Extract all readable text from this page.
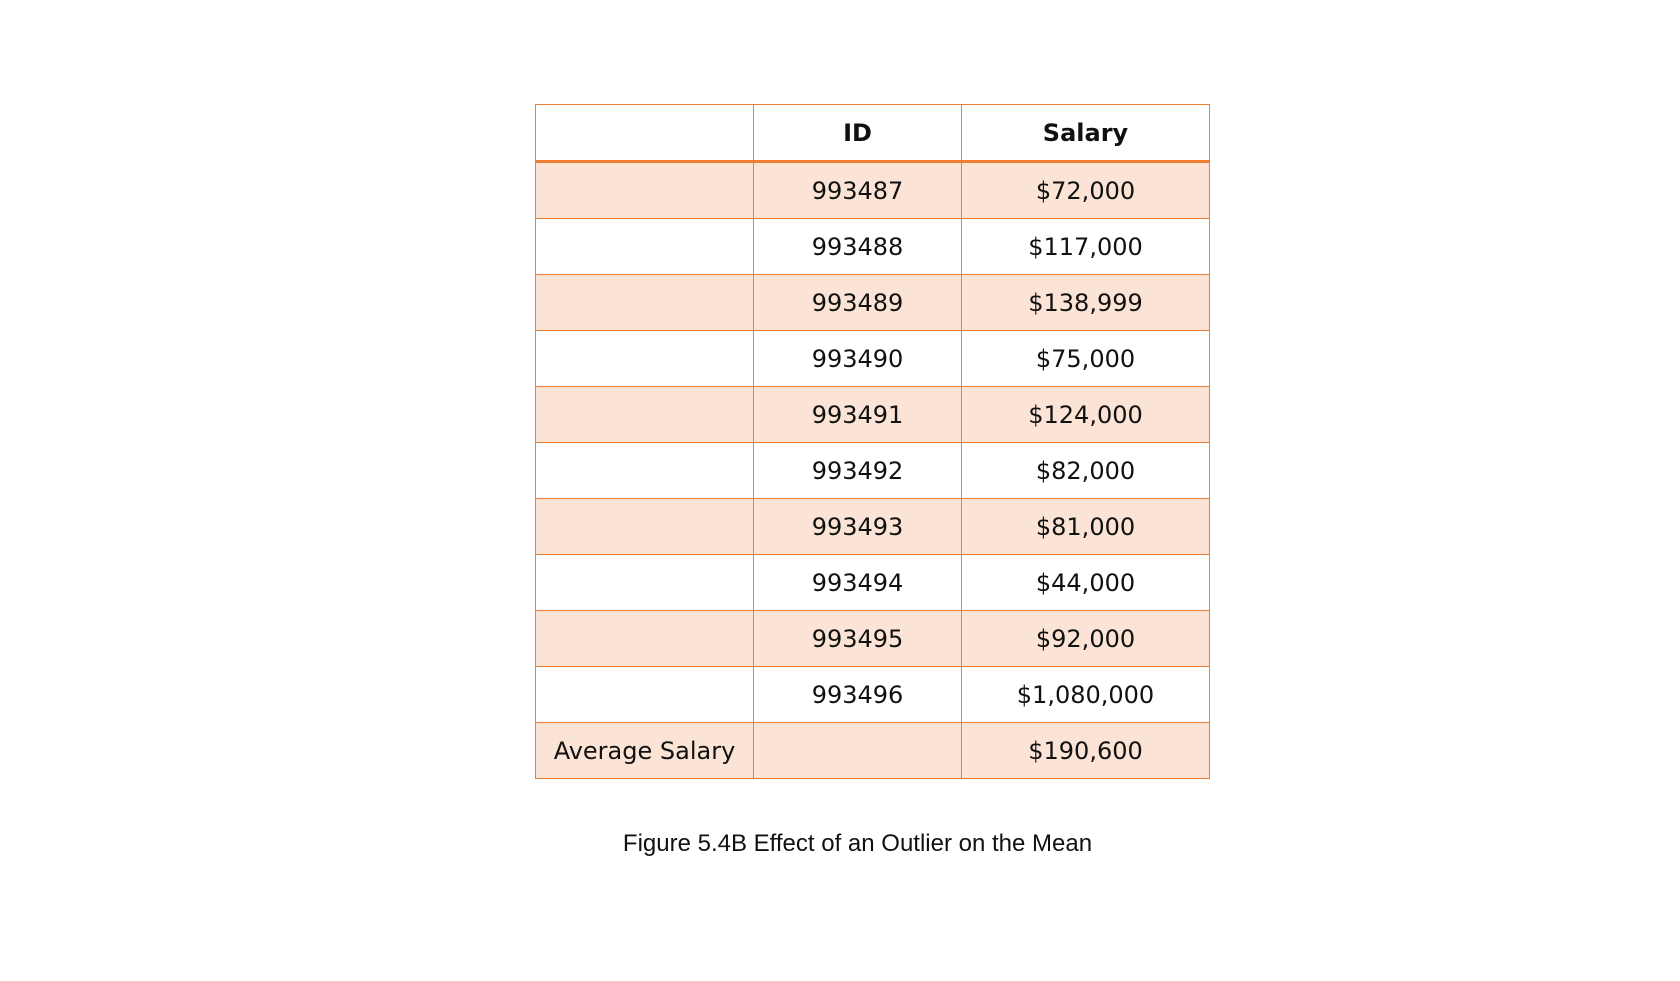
	ID	Salary
	993487	$72,000
	993488	$117,000
	993489	$138,999
	993490	$75,000
	993491	$124,000
	993492	$82,000
	993493	$81,000
	993494	$44,000
	993495	$92,000
	993496	$1,080,000
Average Salary		$190,600
Figure 5.4B Effect of an Outlier on the Mean
